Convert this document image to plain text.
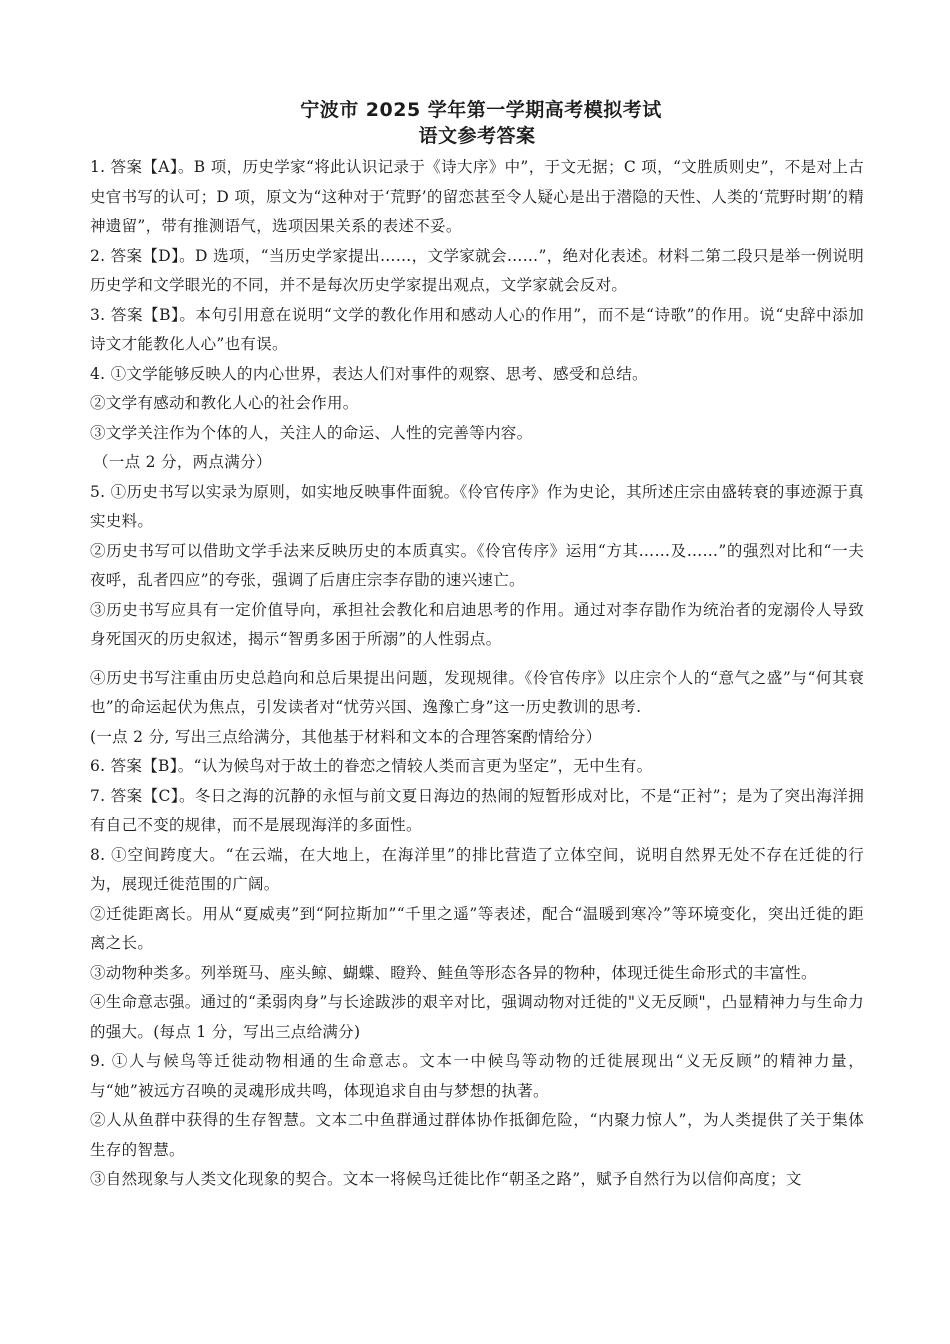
宁波市 2025 学年第一学期高考模拟考试
语文参考答案

1. 答案【A】。B 项，历史学家“将此认识记录于《诗大序》中”，于文无据；C 项，“文胜质则史”，不是对上古史官书写的认可；D 项，原文为“这种对于‘荒野’的留恋甚至令人疑心是出于潜隐的天性、人类的‘荒野时期’的精神遗留”，带有推测语气，选项因果关系的表述不妥。

2. 答案【D】。D 选项，“当历史学家提出……，文学家就会……”，绝对化表述。材料二第二段只是举一例说明历史学和文学眼光的不同，并不是每次历史学家提出观点，文学家就会反对。

3. 答案【B】。本句引用意在说明“文学的教化作用和感动人心的作用”，而不是“诗歌”的作用。说“史辞中添加诗文才能教化人心”也有误。

4. ①文学能够反映人的内心世界，表达人们对事件的观察、思考、感受和总结。

②文学有感动和教化人心的社会作用。

③文学关注作为个体的人，关注人的命运、人性的完善等内容。

（一点 2 分，两点满分）

5. ①历史书写以实录为原则，如实地反映事件面貌。《伶官传序》作为史论，其所述庄宗由盛转衰的事迹源于真实史料。

②历史书写可以借助文学手法来反映历史的本质真实。《伶官传序》运用“方其……及……”的强烈对比和“一夫夜呼，乱者四应”的夸张，强调了后唐庄宗李存勖的速兴速亡。

③历史书写应具有一定价值导向，承担社会教化和启迪思考的作用。通过对李存勖作为统治者的宠溺伶人导致身死国灭的历史叙述，揭示“智勇多困于所溺”的人性弱点。

④历史书写注重由历史总趋向和总后果提出问题，发现规律。《伶官传序》以庄宗个人的“意气之盛”与“何其衰也”的命运起伏为焦点，引发读者对“忧劳兴国、逸豫亡身”这一历史教训的思考.

(一点 2 分, 写出三点给满分，其他基于材料和文本的合理答案酌情给分）

6. 答案【B】。“认为候鸟对于故土的眷恋之情较人类而言更为坚定”，无中生有。

7. 答案【C】。冬日之海的沉静的永恒与前文夏日海边的热闹的短暂形成对比，不是“正衬”；是为了突出海洋拥有自己不变的规律，而不是展现海洋的多面性。

8. ①空间跨度大。“在云端，在大地上，在海洋里”的排比营造了立体空间，说明自然界无处不存在迁徙的行为，展现迁徙范围的广阔。

②迁徙距离长。用从“夏威夷”到“阿拉斯加”“千里之遥”等表述，配合“温暖到寒冷”等环境变化，突出迁徙的距离之长。

③动物种类多。列举斑马、座头鲸、蝴蝶、瞪羚、鲑鱼等形态各异的物种，体现迁徙生命形式的丰富性。

④生命意志强。通过的“柔弱肉身”与长途跋涉的艰辛对比，强调动物对迁徙的"义无反顾"，凸显精神力与生命力的强大。(每点 1 分，写出三点给满分)

9. ①人与候鸟等迁徙动物相通的生命意志。文本一中候鸟等动物的迁徙展现出“义无反顾”的精神力量，与“她”被远方召唤的灵魂形成共鸣，体现追求自由与梦想的执著。

②人从鱼群中获得的生存智慧。文本二中鱼群通过群体协作抵御危险，“内聚力惊人”，为人类提供了关于集体生存的智慧。

③自然现象与人类文化现象的契合。文本一将候鸟迁徙比作“朝圣之路”，赋予自然行为以信仰高度；文
